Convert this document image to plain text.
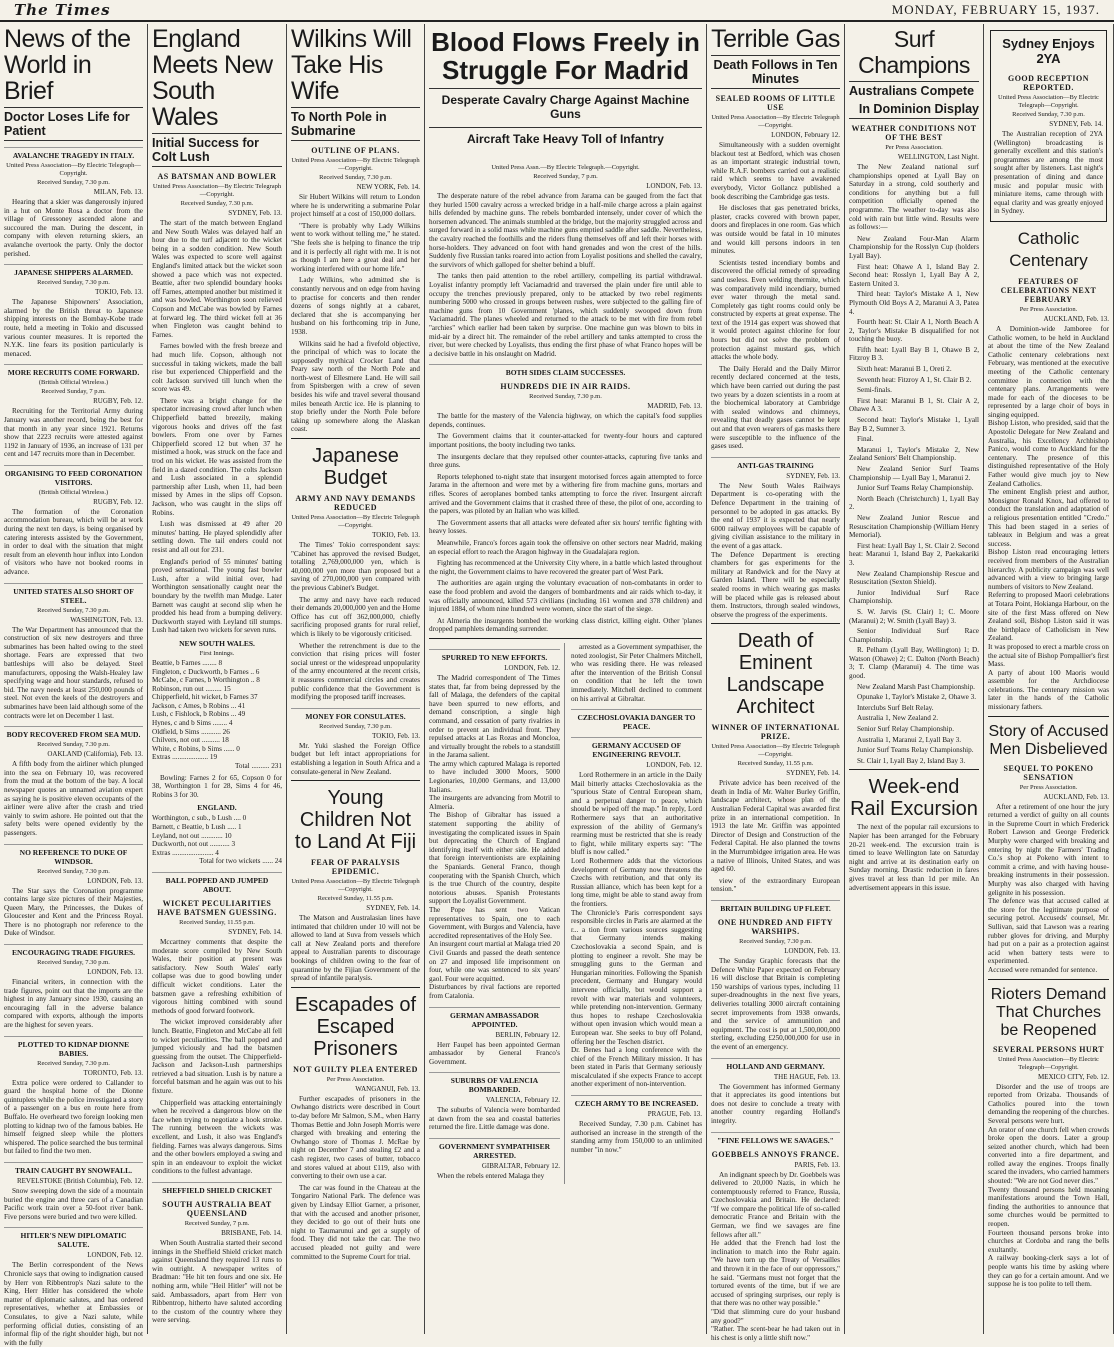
The Times	MONDAY, FEBRUARY 15, 1937.
News of the World in Brief
Doctor Loses Life for Patient
AVALANCHE TRAGEDY IN ITALY.
United Press Association—By Electric Telegraph—Copyright.
Received Sunday, 7.30 p.m.
MILAN, Feb. 13.

Hearing that a skier was dangerously injured in a hut on Monte Rosa a doctor from the village of Gressoney ascended alone and succoured the man. During the descent, in company with eleven returning skiers, an avalanche overtook the party. Only the doctor perished.

JAPANESE SHIPPERS ALARMED.
Received Sunday, 7.30 p.m.
TOKIO, Feb. 13.

The Japanese Shipowners' Association, alarmed by the British threat to Japanese shipping interests on the Bombay-Kobe trade route, held a meeting in Tokio and discussed various counter measures. It is reported the N.Y.K. line fears its position particularly is menaced.

MORE RECRUITS COME FORWARD.
(British Official Wireless.)
Received Sunday, 7 p.m.
RUGBY, Feb. 12.

Recruiting for the Territorial Army during January was another record, being the best for that month in any year since 1921. Returns show that 2223 recruits were attested against 1192 in January of 1936, an increase of 131 per cent and 147 recruits more than in December.

ORGANISING TO FEED CORONATION VISITORS.
(British Official Wireless.)
RUGBY, Feb. 12.

The formation of the Coronation accommodation bureau, which will be at work during the next ten days, is being organised by catering interests assisted by the Government, in order to deal with the situation that might result from an eleventh hour influx into London of visitors who have not booked rooms in advance.

UNITED STATES ALSO SHORT OF STEEL.
Received Sunday, 7.30 p.m.
WASHINGTON, Feb. 13.

The War Department has announced that the construction of six new destroyers and three submarines has been halted owing to the steel shortage. Fears are expressed that two battleships will also be delayed. Steel manufacturers, opposing the Walsh-Healey law specifying wage and hour standards, refused to bid. The navy needs at least 250,000 pounds of steel. Not even the keels of the destroyers and submarines have been laid although some of the contracts were let on December 1 last.

BODY RECOVERED FROM SEA MUD.
Received Sunday, 7.30 p.m.
OAKLAND (California), Feb. 13.

A fifth body from the airliner which plunged into the sea on February 10, was recovered from the mud at the bottom of the bay. A local newspaper quotes an unnamed aviation expert as saying he is positive eleven occupants of the airliner were alive after the crash and tried vainly to swim ashore. He pointed out that the safety belts were opened evidently by the passengers.

NO REFERENCE TO DUKE OF WINDSOR.
Received Sunday, 7.30 p.m.
LONDON, Feb. 13.

The Star says the Coronation programme contains large size pictures of their Majesties, Queen Mary, the Princesses, the Dukes of Gloucester and Kent and the Princess Royal. There is no photograph nor reference to the Duke of Windsor.

ENCOURAGING TRADE FIGURES.
Received Sunday, 7.30 p.m.
LONDON, Feb. 13.

Financial writers, in connection with the trade figures, point out that the imports are the highest in any January since 1930, causing an encouraging fall in the adverse balance compared with exports, although the imports are the highest for seven years.

PLOTTED TO KIDNAP DIONNE BABIES.
Received Sunday, 7.30 p.m.
TORONTO, Feb. 13.

Extra police were ordered to Callander to guard the hospital home of the Dionne quintuplets while the police investigated a story of a passenger on a bus en route here from Buffalo. He overheard two foreign looking men plotting to kidnap two of the famous babies. He himself feigned sleep while the plotters whispered. The police searched the bus terminal but failed to find the two men.

TRAIN CAUGHT BY SNOWFALL.
REVELSTOKE (British Columbia), Feb. 12.

Snow sweeping down the side of a mountain buried the engine and three cars of a Canadian Pacific work train over a 50-foot river bank. Five persons were buried and two were killed.

HITLER'S NEW DIPLOMATIC SALUTE.
LONDON, Feb. 12.

The Berlin correspondent of the News Chronicle says that owing to indignation caused by Herr von Ribbentrop's Nazi salute to the King, Herr Hitler has considered the whole matter of diplomatic salutes, and has ordered representatives, whether at Embassies or Consulates, to give a Nazi salute, while performing official duties, consisting of an informal flip of the right shoulder high, but not with the fully

England Meets New South Wales
Initial Success for Colt Lush
AS BATSMAN AND BOWLER
United Press Association—By Electric Telegraph—Copyright.
Received Sunday, 7.30 p.m.
SYDNEY, Feb. 13.

The start of the match between England and New South Wales was delayed half an hour due to the turf adjacent to the wicket being in a sodden condition. New South Wales was expected to score well against England's limited attack but the wicket soon showed a pace which was not expected. Beattie, after two splendid boundary hooks off Farnes, attempted another but mistimed it and was bowled. Worthington soon relieved Copson and McCabe was bowled by Farnes at forward leg. The third wicket fell at 36 when Fingleton was caught behind to Farnes.

Farnes bowled with the fresh breeze and had much life. Copson, although not successful in taking wickets, made the ball rise but experienced Chipperfield and the colt Jackson survived till lunch when the score was 49.

There was a bright change for the spectator increasing crowd after lunch when Chipperfield batted breezily, making vigorous hooks and drives off the fast bowlers. From one over by Farnes Chipperfield scored 12 but when 37 he mistimed a hook, was struck on the face and trod on his wicket. He was assisted from the field in a dazed condition. The colts Jackson and Lush associated in a splendid partnership after Lush, when 11, had been missed by Ames in the slips off Copson. Jackson, who was caught in the slips off Robins.

Lush was dismissed at 49 after 20 minutes' batting. He played splendidly after settling down. The tail enders could not resist and all out for 231.

England's period of 55 minutes' batting proved sensational. The young fast bowler Lush, after a wild initial over, had Worthington sensationally caught near the boundary by the twelfth man Mudge. Later Barnett was caught at second slip when he prodded his head from a bumping delivery. Duckworth stayed with Leyland till stumps. Lush had taken two wickets for seven runs.

NEW SOUTH WALES.
First Innings.
Beattie, b Farnes ........ 8
Fingleton, c Duckworth, b Farnes .. 6
McCabe, c Farnes, b Worthington .. 8
Robinson, run out ......... 15
Chipperfield, hit wicket, b Farnes 37
Jackson, c Ames, b Robins ... 41
Lush, c Fishlock, b Robins ... 49
Hynes, c and b Sims ........ 4
Oldfield, b Sims ........... 26
Chilvers, not out .......... 18
White, c Robins, b Sims ...... 0
Extras .................... 19
Total .......... 231
Bowling: Farnes 2 for 65, Copson 0 for 38, Worthington 1 for 28, Sims 4 for 46, Robins 3 for 30.
ENGLAND.
Worthington, c sub., b Lush .... 0
Barnett, c Beattie, b Lush ..... 1
Leyland, not out ............ 10
Duckworth, not out ........... 3
Extras ....................... 4
Total for two wickets ...... 24
BALL POPPED AND JUMPED ABOUT.
WICKET PECULIARITIES HAVE BATSMEN GUESSING.
Received Sunday, 11.55 p.m.
SYDNEY, Feb. 14.

Mccartney comments that despite the moderate score compiled by New South Wales, their position at present was satisfactory. New South Wales' early collapse was due to good bowling under difficult wicket conditions. Later the batsmen gave a refreshing exhibition of vigorous hitting combined with sound methods of good forward footwork.

The wicket improved considerably after lunch. Beattie, Fingleton and McCabe all fell to wicket peculiarities. The ball popped and jumped viciously and had the batsmen guessing from the outset. The Chipperfield-Jackson and Jackson-Lush partnerships retrieved a bad situation. Lush is by nature a forceful batsman and he again was out to his fixture.

Chipperfield was attacking entertainingly when he received a dangerous blow on the face when trying to negotiate a hook stroke. The running between the wickets was excellent, and Lush, it also was England's fielding. Farnes was always dangerous. Sims and the other bowlers employed a swing and spin in an endeavour to exploit the wicket conditions to the fullest advantage.

SHEFFIELD SHIELD CRICKET
SOUTH AUSTRALIA BEAT QUEENSLAND
Received Sunday, 7 p.m.
BRISBANE, Feb. 14.

When South Australia started their second innings in the Sheffield Shield cricket match against Queensland they required 13 runs to win outright. A newspaper writes of Bradman: "He hit ten fours and one six. He nothing arm, while "Heil Hitler" will not be said. Ambassadors, apart from Herr von Ribbentrop, hitherto have saluted according to the custom of the country where they were serving.

Wilkins Will Take His Wife
To North Pole in Submarine
OUTLINE OF PLANS.
United Press Association—By Electric Telegraph—Copyright.
Received Sunday, 7.30 p.m.
NEW YORK, Feb. 14.

Sir Hubert Wilkins will return to London where he is underwriting a submarine Polar project himself at a cost of 150,000 dollars.

"There is probably why Lady Wilkins went to work without telling me," he stated. "She feels she is helping to finance the trip and it is perfectly all right with me. It is not as though I am here a great deal and her working interfered with our home life."

Lady Wilkins, who admitted she is constantly nervous and on edge from having to practise for concerts and then render dozens of songs nightly at a cabaret, declared that she is accompanying her husband on his forthcoming trip in June, 1938.

Wilkins said he had a fivefold objective, the principal of which was to locate the supposedly mythical Crocker Land that Peary saw north of the North Pole and north-west of Ellesmere Land. He will sail from Spitsbergen with a crew of seven besides his wife and travel several thousand miles beneath Arctic ice. He is planning to stop briefly under the North Pole before taking up somewhere along the Alaskan coast.

Japanese Budget
ARMY AND NAVY DEMANDS REDUCED
United Press Association—By Electric Telegraph—Copyright.
TOKIO, Feb. 13.

The Times' Tokio correspondent says: "Cabinet has approved the revised Budget, totalling 2,769,000,000 yen, which is 40,000,000 yen more than proposed but a saving of 270,000,000 yen compared with the previous Cabinet's Budget.

The army and navy have each reduced their demands 20,000,000 yen and the Home Office has cut off 362,000,000, chiefly sacrificing proposed grants for rural relief, which is likely to be vigorously criticised.

Whether the retrenchment is due to the conviction that rising prices will foster social unrest or the widespread unpopularity of the army encountered at the recent crisis, it reassures commercial circles and creates public confidence that the Government is modifying the proposed tariff increases.

MONEY FOR CONSULATES.
Received Sunday, 7.30 p.m.
TOKIO, Feb. 13.

Mr. Yuki slashed the Foreign Office budget but left intact appropriations for establishing a legation in South Africa and a consulate-general in New Zealand.

Young Children Not to Land At Fiji
FEAR OF PARALYSIS EPIDEMIC.
United Press Association—By Electric Telegraph—Copyright.
Received Sunday, 11.55 p.m.
SYDNEY, Feb. 14.

The Matson and Australasian lines have intimated that children under 10 will not be allowed to land at Suva from vessels which call at New Zealand ports and therefore appeal to Australian parents to discourage bookings of children owing to the fear of quarantine by the Fijian Government of the spread of infantile paralysis.

Escapades of Escaped Prisoners
NOT GUILTY PLEA ENTERED
Per Press Association.
WANGANUI, Feb. 13.

Further escapades of prisoners in the Owhango districts were described in Court to-day before Mr Salmon, S.M., when Harry Thomas Bettie and John Joseph Morris were charged with breaking and entering the Owhango store of Thomas J. McRae by night on December 7 and stealing £2 and a cash register, two cases of butter, tobacco and stores valued at about £119, also with converting to their own use a car.

The car was found in the Chateau at the Tongariro National Park. The defence was given by Lindsay Elliot Garner, a prisoner, that with the accused and another prisoner, they decided to go out of their huts one night to Taumarunui and get a supply of food. They did not take the car. The two accused pleaded not guilty and were committed to the Supreme Court for trial.

Blood Flows Freely in Struggle For Madrid
Desperate Cavalry Charge Against Machine Guns
Aircraft Take Heavy Toll of Infantry
United Press Assn.—By Electric Telegraph.—Copyright.
Received Sunday, 7 p.m.
LONDON, Feb. 13.

The desperate nature of the rebel advance from Jarama can be gauged from the fact that they hurled 1500 cavalry across a wrecked bridge in a half-mile charge across a plain against hills defended by machine guns. The rebels bombarded intensely, under cover of which the horsemen advanced. The animals stumbled at the bridge, but the majority struggled across and surged forward in a solid mass while machine guns emptied saddle after saddle. Nevertheless, the cavalry reached the foothills and the riders flung themselves off and left their horses with horse-holders. They advanced on foot with hand grenades and won the crest of the hills. Suddenly five Russian tanks roared into action from Loyalist positions and shelled the cavalry, the survivors of which galloped for shelter behind a bluff.

The tanks then paid attention to the rebel artillery, compelling its partial withdrawal. Loyalist infantry promptly left Vaciamadrid and traversed the plain under fire until able to occupy the trenches previously prepared, only to be attacked by two rebel regiments numbering 5000 who crossed in groups between rushes, were subjected to the galling fire of machine guns from 10 Government 'planes, which suddenly swooped down from Vaciamadrid. The planes wheeled and returned to the attack to be met with fire from rebel "archies" which earlier had been taken by surprise. One machine gun was blown to bits in mid-air by a direct hit. The remainder of the rebel artillery and tanks attempted to cross the river, but were checked by Loyalists, thus ending the first phase of what Franco hopes will be a decisive battle in his onslaught on Madrid.

BOTH SIDES CLAIM SUCCESSES.
HUNDREDS DIE IN AIR RAIDS.
Received Sunday, 7.30 p.m.
MADRID, Feb. 13.

The battle for the mastery of the Valencia highway, on which the capital's food supplies depends, continues.

The Government claims that it counter-attacked for twenty-four hours and captured important positions, the booty including two tanks.

The insurgents declare that they repulsed other counter-attacks, capturing five tanks and three guns.

Reports telephoned to-night state that insurgent motorised forces again attempted to force Jarama in the afternoon and were met by a withering fire from machine guns, mortars and rifles. Scores of aeroplanes bombed tanks attempting to force the river. Insurgent aircraft arrived and the Government claims that it crashed three of these, the pilot of one, according to the papers, was piloted by an Italian who was killed.

The Government asserts that all attacks were defeated after six hours' terrific fighting with heavy losses.

Meanwhile, Franco's forces again took the offensive on other sectors near Madrid, making an especial effort to reach the Aragon highway in the Guadalajara region.

Fighting has recommenced at the University City where, in a battle which lasted throughout the night, the Government claims to have recovered the greater part of West Park.

The authorities are again urging the voluntary evacuation of non-combatants in order to ease the food problem and avoid the dangers of bombardments and air raids which to-day, it was officially announced, killed 573 civilians (including 161 women and 378 children) and injured 1884, of whom nine hundred were women, since the start of the siege.

At Almeria the insurgents bombed the working class district, killing eight. Other 'planes dropped pamphlets demanding surrender.

SPURRED TO NEW EFFORTS.
LONDON, Feb. 12.

The Madrid correspondent of The Times states that, far from being depressed by the fall of Malaga, the defenders of the capital have been spurred to new efforts, and demand conscription, a single high command, and cessation of party rivalries in order to prevent an individual front. They repulsed attacks at Las Rozas and Moncloa, and virtually brought the rebels to a standstill in the Jarama salient.
The army which captured Malaga is reported to have included 3000 Moors, 5000 Legionaries, 10,000 Germans, and 13,000 Italians.
The insurgents are advancing from Motril to Almeria.
The Bishop of Gibraltar has issued a statement supporting the ability of investigating the complicated issues in Spain but deprecating the Church of England identifying itself with either side. He added that foreign interventionists are explaining the Spaniards. General Franco, though cooperating with the Spanish Church, which is the true Church of the country, despite notorious abuses. Spanish Protestants support the Loyalist Government.
The Pope has sent two Vatican representatives to Spain, one to each Government, with Burgos and Valencia, have accredited representatives of the Holy See.
An insurgent court martial at Malaga tried 20 Civil Guards and passed the death sentence on 27 and imposed life imprisonment on four, while one was sentenced to six years' gaol. Four were acquitted.
Disturbances by rival factions are reported from Catalonia.

GERMAN AMBASSADOR APPOINTED.
BERLIN, February 12.

Herr Faupel has been appointed German ambassador by General Franco's Government.

SUBURBS OF VALENCIA BOMBARDED.
VALENCIA, February 12.

The suburbs of Valencia were bombarded at dawn from the sea and coastal batteries returned the fire. Little damage was done.

GOVERNMENT SYMPATHISER ARRESTED.
GIBRALTAR, February 12.

When the rebels entered Malaga they

arrested as a Government sympathiser, the noted zoologist, Sir Peter Chalmers Mitchell, who was residing there. He was released after the intervention of the British Consul on condition that he left the town immediately. Mitchell declined to comment on his arrival at Gibraltar.

CZECHOSLOVAKIA DANGER TO PEACE.
GERMANY ACCUSED OF ENGINEERING REVOLT.
LONDON, Feb. 12.

Lord Rothermere in an article in the Daily Mail bitterly attacks Czechoslovakia as the "spurious State of Central European sham, and a perpetual danger to peace, which should be wiped off the map." In reply, Lord Rothermere says that an authoritative expression of the ability of Germany's rearming must be restricted that she is ready to fight, while military experts say: "The bluff is now called."
Lord Rothermere adds that the victorious development of Germany now threatens the Czechs with retribution, and that only its Russian alliance, which has been kept for a long time, might be able to stand away from the frontiers.
The Chronicle's Paris correspondent says responsible circles in Paris are alarmed at the r... a tion from various sources suggesting that Germany intends making Czechoslovakia a second Spain, and is plotting to engineer a revolt. She may be smuggling guns to the German and Hungarian minorities. Following the Spanish precedent, Germany and Hungary would intervene officially, but would support a revolt with war materials and volunteers, while pretending non-intervention. Germany thus hopes to reshape Czechoslovakia without open invasion which would mean a European war. She seeks to buy off Poland, offering her the Teschen district.
Dr. Benes had a long conference with the chief of the French Military mission. It has been stated in Paris that Germany seriously miscalculated if she expects France to accept another experiment of non-intervention.

CZECH ARMY TO BE INCREASED.
PRAGUE, Feb. 13.

Received Sunday, 7.30 p.m. Cabinet has authorised an increase in the strength of the standing army from 150,000 to an unlimited number "in now."

Terrible Gas
Death Follows in Ten Minutes
SEALED ROOMS OF LITTLE USE
United Press Association—By Electric Telegraph—Copyright.
LONDON, February 12.

Simultaneously with a sudden overnight blackout test at Bedford, which was chosen as an important strategic industrial town, while R.A.F. bombers carried out a realistic raid which seems to have awakened everybody, Victor Gollancz published a book describing the Cambridge gas tests.

He discloses that gas penetrated bricks, plaster, cracks covered with brown paper, doors and fireplaces in one room. Gas which was outside would be fatal in 10 minutes and would kill persons indoors in ten minutes.

Scientists tested incendiary bombs and discovered the official remedy of spreading sand useless. Even welding thermite, which was comparatively mild incendiary, burned ever water through the metal sand. Completely gas tight rooms could only be constructed by experts at great expense. The text of the 1914 gas expert was showed that it would protect against chlorine for four hours but did not solve the problem of protection against mustard gas, which attacks the whole body.

The Daily Herald and the Daily Mirror recently declared concerned at the tests, which have been carried out during the past two years by a dozen scientists in a room at the biochemical laboratory at Cambridge with sealed windows and chimneys, revealing that deadly gases cannot be kept out and that even wearers of gas masks there were susceptible to the influence of the gases used.

ANTI-GAS TRAINING
SYDNEY, Feb. 13.

The New South Wales Railways Department is co-operating with the Defence Department in the training of personnel to be adopted in gas attacks. By the end of 1937 it is expected that nearly 6000 railway employees will be capable of giving civilian assistance to the military in the event of a gas attack.
The Defence Department is erecting chambers for gas experiments for the military at Randwick and for the Navy at Garden Island. There will be especially sealed rooms in which wearing gas masks will be placed while gas is released about them. Instructors, through sealed windows, observe the progress of the experiments.

Death of Eminent Landscape Architect
WINNER OF INTERNATIONAL PRIZE.
United Press Association—By Electric Telegraph—Copyright.
Received Sunday, 11.55 p.m.
SYDNEY, Feb. 14.

Private advice has been received of the death in India of Mr. Walter Burley Griffin, landscape architect, whose plan of the Australian Federal Capital was awarded first prize in an international competition. In 1913 the late Mr. Griffin was appointed Director of Design and Construction of the Federal Capital. He also planned the towns in the Murrumbidgee irrigation area. He was a native of Illinois, United States, and was aged 60.

view of the extraordinary European tension."

BRITAIN BUILDING UP FLEET.
ONE HUNDRED AND FIFTY WARSHIPS.
Received Sunday, 7.30 p.m.
LONDON, Feb. 13.

The Sunday Graphic forecasts that the Defence White Paper expected on February 16 will disclose that Britain is completing 150 warships of various types, including 11 super-dreadnoughts in the next five years, deliveries totalling 3000 aircraft containing secret improvements from 1938 onwards, and the service of ammunition and equipment. The cost is put at 1,500,000,000 sterling, excluding £250,000,000 for use in the event of an emergency.

HOLLAND AND GERMANY.
THE HAGUE, Feb. 13.

The Government has informed Germany that it appreciates its good intentions but does not desire to conclude a treaty with another country regarding Holland's integrity.

"FINE FELLOWS WE SAVAGES."
GOEBBELS ANNOYS FRANCE.
PARIS, Feb. 13.

An indignant speech by Dr. Goebbels was delivered to 20,000 Nazis, in which he contemptuously referred to France, Russia, Czechoslovakia and Britain. He declared: "If we compare the political life of so-called democratic France and Britain with the German, we find we savages are fine fellows after all."
He added that the French had lost the inclination to match into the Ruhr again. "We have torn up the Treaty of Versailles and thrown it in the face of our oppressors," he said. "Germans must not forget that the tortured events of the time, but if we are accused of springing surprises, our reply is that there was no other way possible."
"Did that slimming cure do your husband any good?"
"Rather. The scent-bear he had taken out in his chest is only a little shift now."

Surf Champions
Australians Compete
In Dominion Display
WEATHER CONDITIONS NOT OF THE BEST
Per Press Association.
WELLINGTON, Last Night.

The New Zealand national surf championships opened at Lyall Bay on Saturday in a strong, cold southerly and conditions for anything but a full competition officially opened the programme. The weather to-day was also cold with rain but little wind. Results were as follows:—

New Zealand Four-Man Alarm Championship for the Rosslyn Cup (holders Lyall Bay).

First heat: Ohawe A 1, Island Bay 2. Second heat: Rosslyn 1, Lyall Bay A 2, Eastern United 3.

Third heat: Taylor's Mistake A 1, New Plymouth Old Boys A 2, Maranui A 3, Patea 4.

Fourth heat: St. Clair A 1, North Beach A 2, Taylor's Mistake B disqualified for not touching the buoy.

Fifth heat: Lyall Bay B 1, Ohawe B 2, Fitzroy B 3.

Sixth heat: Maranui B 1, Oreti 2.

Seventh heat: Fitzroy A 1, St. Clair B 2.

Semi-finals.

First heat: Maranui B 1, St. Clair A 2, Ohawe A 3.

Second heat: Taylor's Mistake 1, Lyall Bay B 2, Sumner 3.

Final.

Maranui 1, Taylor's Mistake 2, New Zealand Seniors' Belt Championship.

New Zealand Senior Surf Teams Championship — Lyall Bay 1, Maranui 2.

Junior Surf Teams Relay Championship.

North Beach (Christchurch) 1, Lyall Bay 2.

New Zealand Junior Rescue and Resuscitation Championship (William Henry Memorial).

First heat: Lyall Bay 1, St. Clair 2. Second heat: Maranui 1, Island Bay 2, Paekakariki 3.

New Zealand Championship Rescue and Resuscitation (Sexton Shield).

Junior Individual Surf Race Championship.

S. W. Jarvis (St. Clair) 1; C. Moore (Maranui) 2; W. Smith (Lyall Bay) 3.

Senior Individual Surf Race Championship.

R. Pelham (Lyall Bay, Wellington) 1; D. Watson (Ohawe) 2; C. Dalton (North Beach) 3; T. Clamp (Maranui) 4. The time was good.

New Zealand Marsh Past Championship.

Opunake 1, Taylor's Mistake 2, Ohawe 3.

Interclubs Surf Belt Relay.

Australia 1, New Zealand 2.

Senior Surf Relay Championship.

Australia 1, Maranui 2, Lyall Bay 3.

Junior Surf Teams Relay Championship.

St. Clair 1, Lyall Bay 2, Island Bay 3.

Week-end Rail Excursion

The next of the popular rail excursions to Napier has been arranged for the February 20-21 week-end. The excursion train is timed to leave Wellington late on Saturday night and arrive at its destination early on Sunday morning. Drastic reduction in fares gives travel at less than 1d per mile. An advertisement appears in this issue.

Sydney Enjoys 2YA
GOOD RECEPTION REPORTED.
United Press Association—By Electric Telegraph—Copyright.
Received Sunday, 7.30 p.m.
SYDNEY, Feb. 14.

The Australian reception of 2YA (Wellington) broadcasting is generally excellent and this station's programmes are among the most sought after by listeners. Last night's presentation of dining and dance music and popular music with miniature items, came through with equal clarity and was greatly enjoyed in Sydney.

Catholic Centenary
FEATURES OF CELEBRATIONS NEXT FEBRUARY
Per Press Association.
AUCKLAND, Feb. 13.

A Dominion-wide Jamboree for Catholic women, to be held in Auckland at about the time of the New Zealand Catholic centenary celebrations next February, was mentioned at the executive meeting of the Catholic centenary committee in connection with the centenary plans. Arrangements were made for each of the dioceses to be represented by a large choir of boys in singing equipped.
Bishop Liston, who presided, said that the Apostolic Delegate for New Zealand and Australia, his Excellency Archbishop Panico, would come to Auckland for the centenary. The presence of this distinguished representative of the Holy Father would give much joy to New Zealand Catholics.
The eminent English priest and author, Monsignor Ronald Knox, had offered to conduct the translation and adaptation of a religious presentation entitled "Credo." This had been staged in a series of tableaux in Belgium and was a great success.
Bishop Liston read encouraging letters received from members of the Australian hierarchy. A publicity campaign was well advanced with a view to bringing large numbers of visitors to New Zealand.
Referring to proposed Maori celebrations at Totara Point, Hokianga Harbour, on the site of the first Mass offered on New Zealand soil, Bishop Liston said it was the birthplace of Catholicism in New Zealand.
It was proposed to erect a marble cross on the actual site of Bishop Pompallier's first Mass.
A party of about 100 Maoris would assemble for the Archdiocese celebrations. The centenary mission was later in the hands of the Catholic missionary fathers.

Story of Accused Men Disbelieved
SEQUEL TO POKENO SENSATION
Per Press Association.
AUCKLAND, Feb. 13.

After a retirement of one hour the jury returned a verdict of guilty on all counts in the Supreme Court in which Frederick Robert Lawson and George Frederick Murphy were charged with breaking and entering by night the Farmers' Trading Co.'s shop at Pokeno with intent to commit a crime, and with having house-breaking instruments in their possession. Murphy was also charged with having gelignite in his possession.
The defence was that accused called at the store for the legitimate purpose of securing petrol. Accuseds' counsel, Mr. Sullivan, said that Lawson was a rearing rubber gloves for driving, and Murphy had put on a pair as a protection against acid when battery tests were to experimented.
Accused were remanded for sentence.

Rioters Demand That Churches be Reopened
SEVERAL PERSONS HURT
United Press Association—By Electric Telegraph—Copyright.
MEXICO CITY, Feb. 12.

Disorder and the use of troops are reported from Orizaba. Thousands of Catholics poured into the town demanding the reopening of the churches. Several persons were hurt.
An orator of one church fell when crowds broke open the doors. Later a group seized another church, which had been converted into a fire department, and rolled away the engines. Troops finally scared the invaders, who carried hammers shouted: "We are not God never dies."
Twenty thousand persons held meaning manifestations around the Town Hall, finding the authorities to announce that some churches would be permitted to reopen.
Fourteen thousand persons broke into churches at Cordoba and rang the bells exultantly.
A railway booking-clerk says a lot of people wants his time by asking where they can go for a certain amount. And we suppose he is too polite to tell them.
